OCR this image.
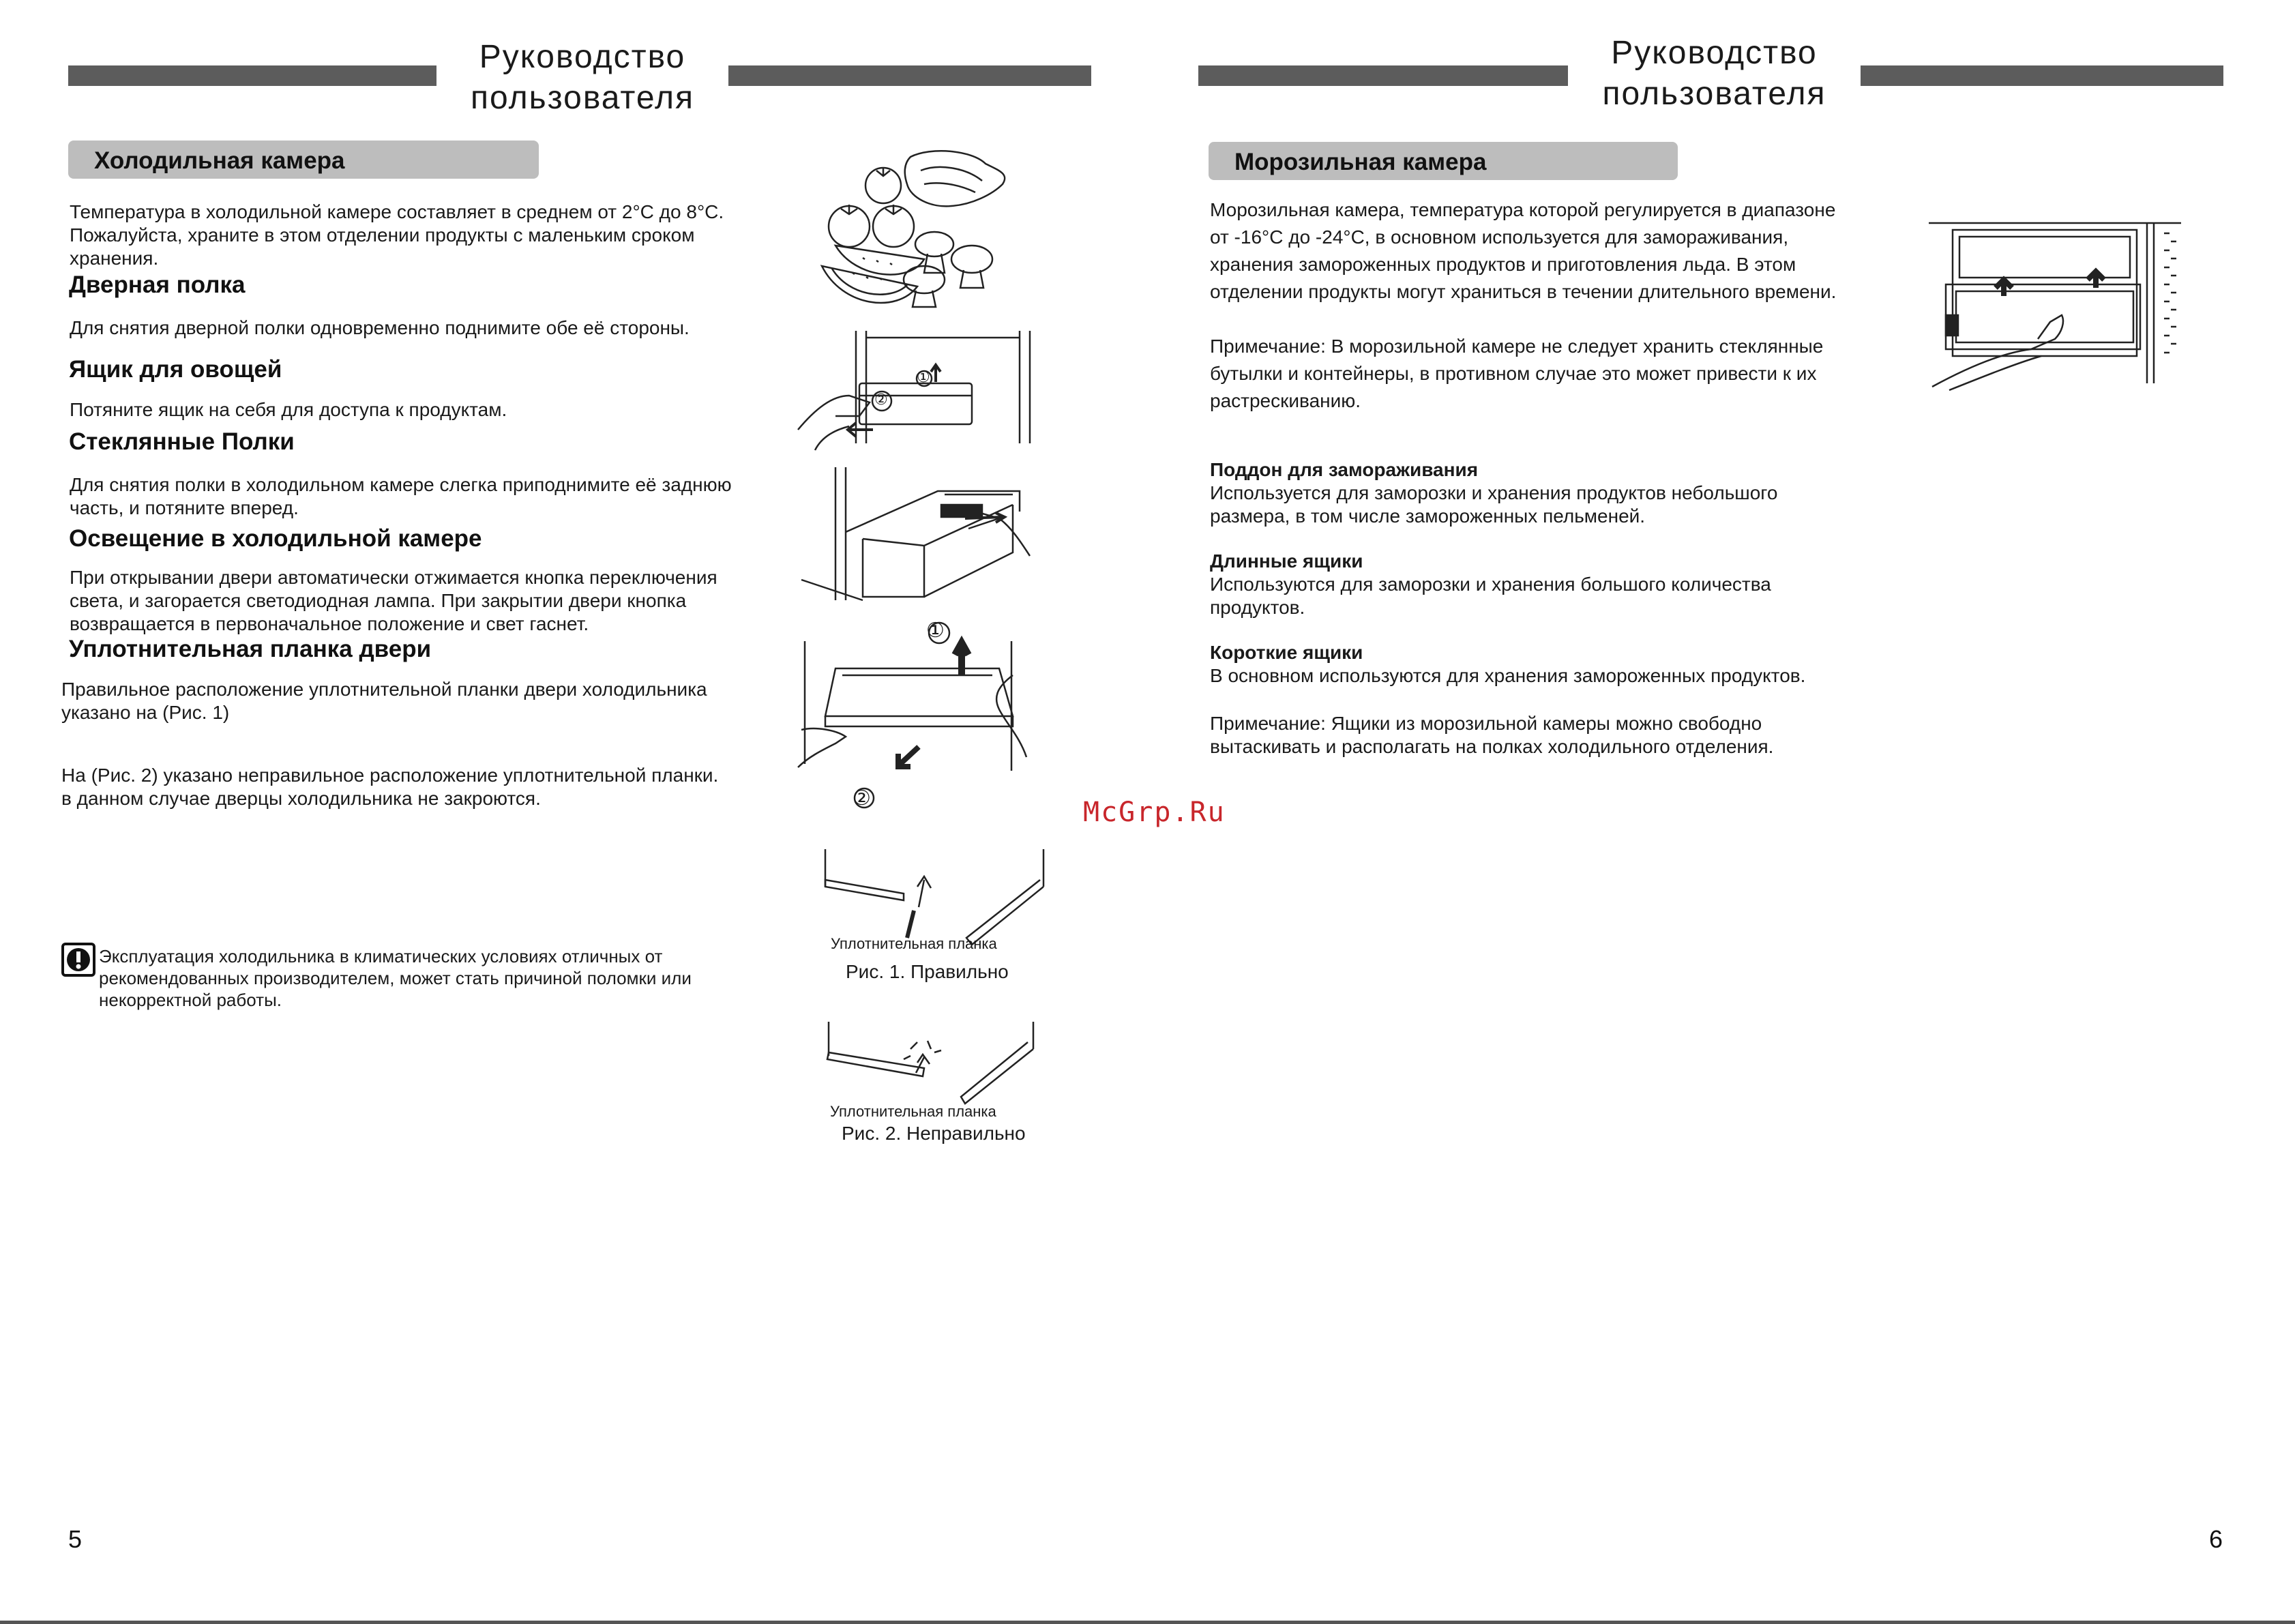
Руководство
пользователя
Руководство
пользователя
Холодильная камера
Температура в холодильной камере составляет в среднем от 2°C до 8°C.
Пожалуйста, храните в этом отделении продукты с маленьким сроком
хранения.
Дверная полка
Для снятия дверной полки одновременно поднимите обе её стороны.
Ящик для овощей
Потяните ящик на себя для доступа к продуктам.
Стеклянные Полки
Для снятия полки в холодильном камере слегка приподнимите её заднюю
часть, и потяните вперед.
Освещение в холодильной камере
При открывании двери автоматически отжимается кнопка переключения
света, и загорается светодиодная лампа. При закрытии двери кнопка
возвращается в первоначальное положение и свет гаснет.
Уплотнительная планка двери
Правильное расположение уплотнительной планки двери холодильника
указано на (Рис. 1)
На (Рис. 2) указано неправильное расположение уплотнительной планки.
в данном случае дверцы холодильника не закроются.
Эксплуатация холодильника в климатических условиях отличных от
рекомендованных производителем, может стать причиной поломки или
некорректной работы.
5
①
②
①
②
Уплотнительная планка
Рис. 1. Правильно
Уплотнительная планка
Рис. 2. Неправильно
McGrp.Ru
Морозильная камера
Морозильная камера, температура которой регулируется в диапазоне
от -16°C до -24°C, в основном используется для замораживания,
хранения замороженных продуктов и приготовления льда. В этом
отделении продукты могут храниться в течении длительного времени.
Примечание: В морозильной камере не следует хранить стеклянные
бутылки и контейнеры, в противном случае это может привести к их
растрескиванию.
Поддон для замораживания
Используется для заморозки и хранения продуктов небольшого
размера, в том числе замороженных пельменей.
Длинные ящики
Используются для заморозки и хранения большого количества
продуктов.
Короткие ящики
В основном используются для хранения замороженных продуктов.
Примечание: Ящики из морозильной камеры можно свободно
вытаскивать и располагать на полках холодильного отделения.
6
